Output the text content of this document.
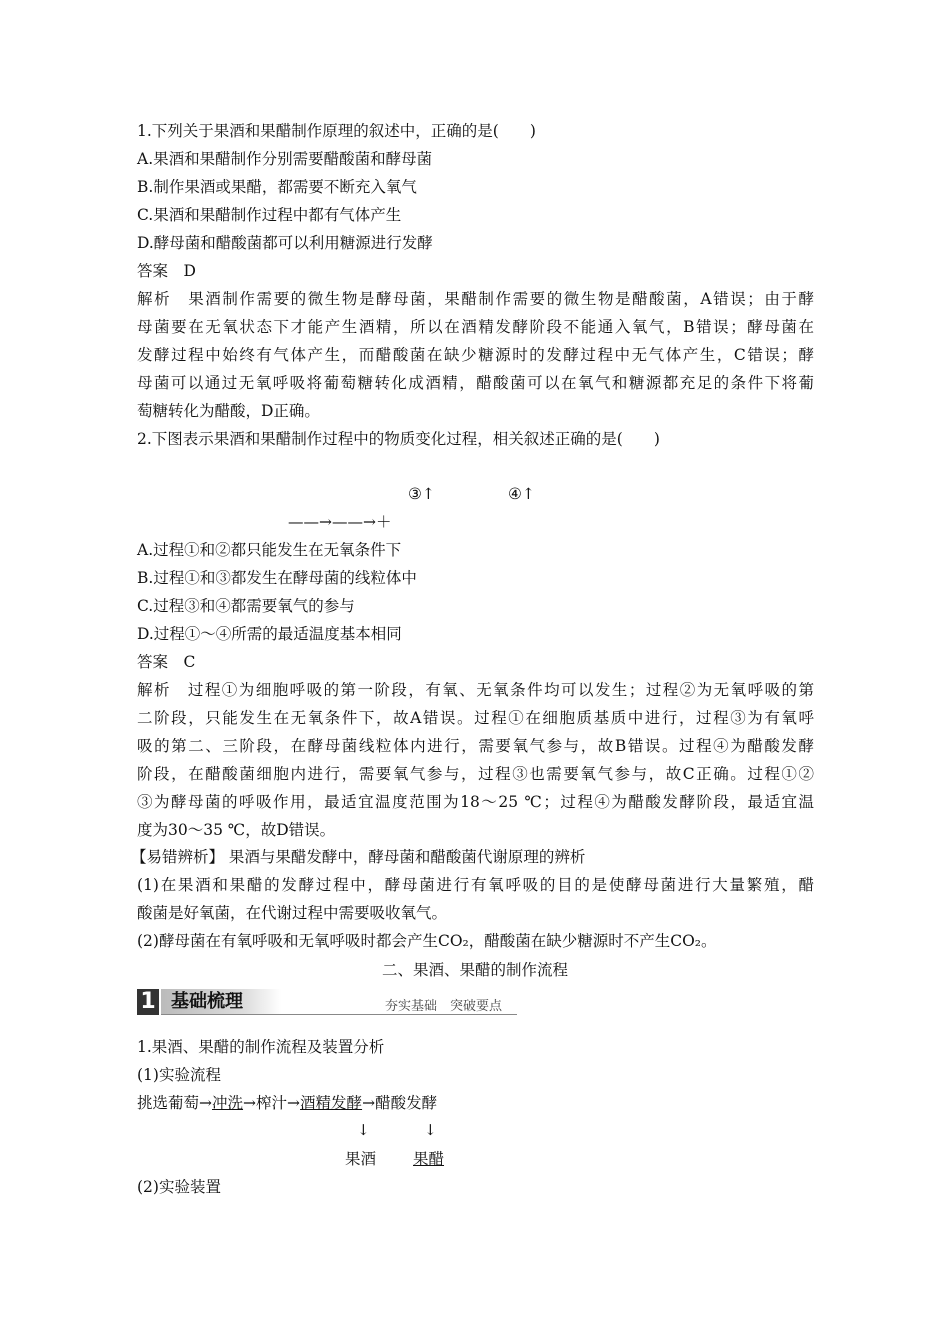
1.下列关于果酒和果醋制作原理的叙述中，正确的是(　　)
A.果酒和果醋制作分别需要醋酸菌和酵母菌
B.制作果酒或果醋，都需要不断充入氧气
C.果酒和果醋制作过程中都有气体产生
D.酵母菌和醋酸菌都可以利用糖源进行发酵
答案　D
解析　果酒制作需要的微生物是酵母菌，果醋制作需要的微生物是醋酸菌，A错误；由于酵
母菌要在无氧状态下才能产生酒精，所以在酒精发酵阶段不能通入氧气，B错误；酵母菌在
发酵过程中始终有气体产生，而醋酸菌在缺少糖源时的发酵过程中无气体产生，C错误；酵
母菌可以通过无氧呼吸将葡萄糖转化成酒精，醋酸菌可以在氧气和糖源都充足的条件下将葡
萄糖转化为醋酸，D正确。
2.下图表示果酒和果醋制作过程中的物质变化过程，相关叙述正确的是(　　)
③↑	④↑
——→——→＋
A.过程①和②都只能发生在无氧条件下
B.过程①和③都发生在酵母菌的线粒体中
C.过程③和④都需要氧气的参与
D.过程①～④所需的最适温度基本相同
答案　C
解析　过程①为细胞呼吸的第一阶段，有氧、无氧条件均可以发生；过程②为无氧呼吸的第
二阶段，只能发生在无氧条件下，故A错误。过程①在细胞质基质中进行，过程③为有氧呼
吸的第二、三阶段，在酵母菌线粒体内进行，需要氧气参与，故B错误。过程④为醋酸发酵
阶段，在醋酸菌细胞内进行，需要氧气参与，过程③也需要氧气参与，故C正确。过程①②
③为酵母菌的呼吸作用，最适宜温度范围为18～25 ℃；过程④为醋酸发酵阶段，最适宜温
度为30～35 ℃，故D错误。
【易错辨析】 果酒与果醋发酵中，酵母菌和醋酸菌代谢原理的辨析
(1)在果酒和果醋的发酵过程中，酵母菌进行有氧呼吸的目的是使酵母菌进行大量繁殖，醋
酸菌是好氧菌，在代谢过程中需要吸收氧气。
(2)酵母菌在有氧呼吸和无氧呼吸时都会产生CO₂，醋酸菌在缺少糖源时不产生CO₂。
二、果酒、果醋的制作流程
1 基础梳理	夯实基础　突破要点
1.果酒、果醋的制作流程及装置分析
(1)实验流程
挑选葡萄→冲洗→榨汁→酒精发酵→醋酸发酵
↓	↓
果酒 果醋
(2)实验装置
